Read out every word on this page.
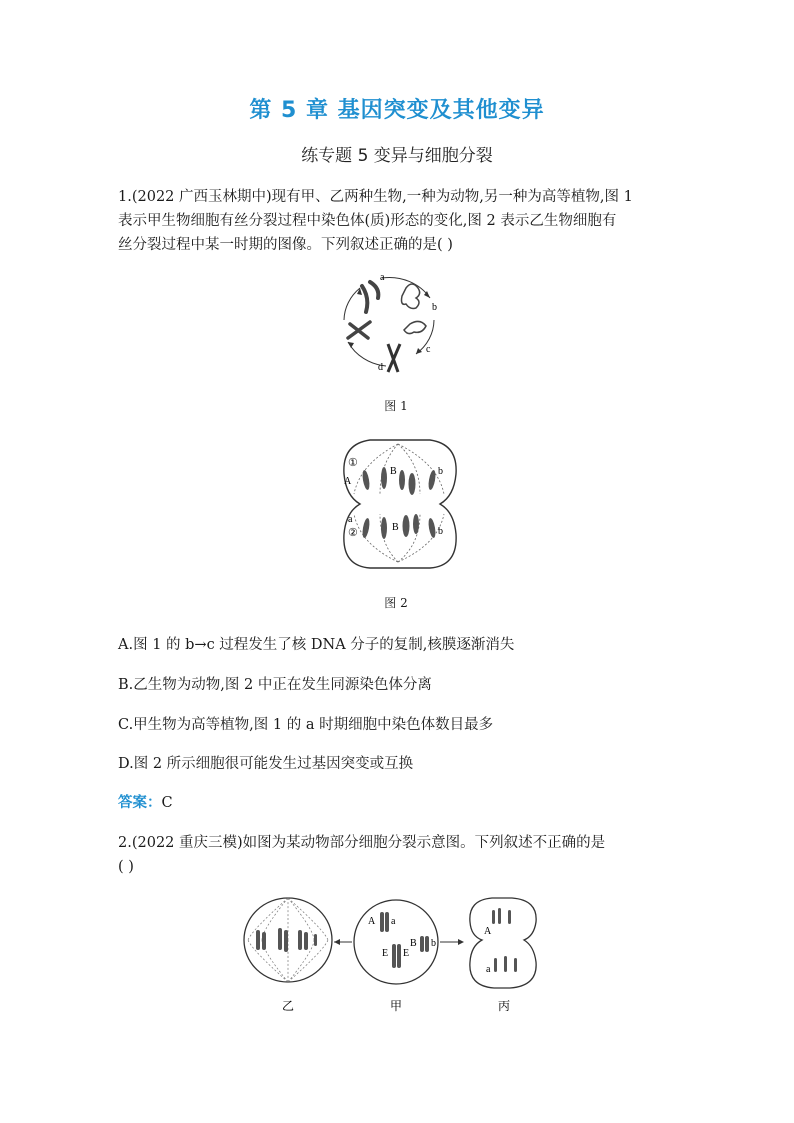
第 5 章 基因突变及其他变异
练专题 5 变异与细胞分裂
1.(2022 广西玉林期中)现有甲、乙两种生物,一种为动物,另一种为高等植物,图 1
表示甲生物细胞有丝分裂过程中染色体(质)形态的变化,图 2 表示乙生物细胞有
丝分裂过程中某一时期的图像。下列叙述正确的是( )
a
b
c
d
图 1
①
②
A
B	b
a
B	b
图 2
A.图 1 的 b→c 过程发生了核 DNA 分子的复制,核膜逐渐消失
B.乙生物为动物,图 2 中正在发生同源染色体分离
C.甲生物为高等植物,图 1 的 a 时期细胞中染色体数目最多
D.图 2 所示细胞很可能发生过基因突变或互换
答案：C
2.(2022 重庆三模)如图为某动物部分细胞分裂示意图。下列叙述不正确的是
( )
A a
E E
B b
A
a
乙	甲	丙
